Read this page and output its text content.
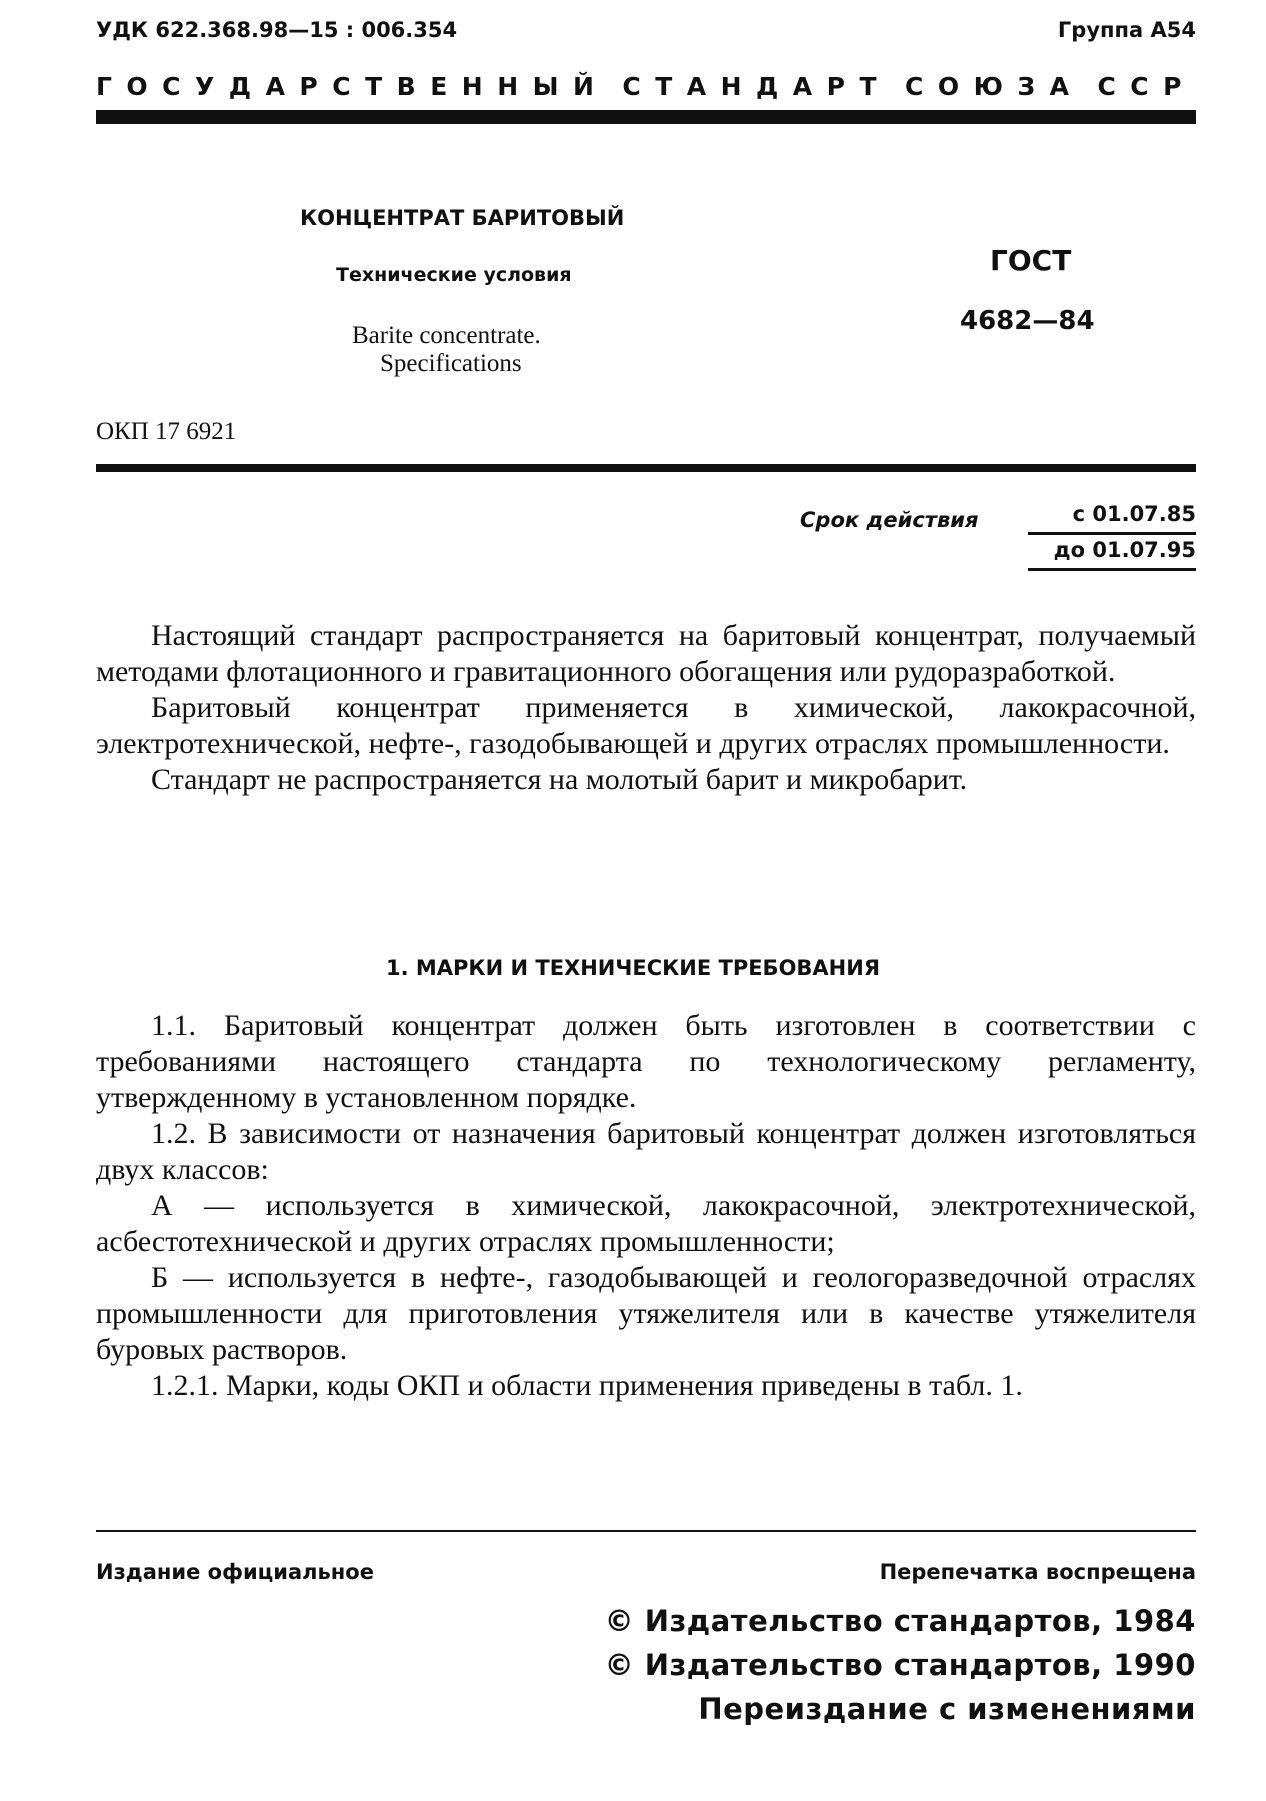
УДК 622.368.98—15 : 006.354	Группа А54
ГОСУДАРСТВЕННЫЙ СТАНДАРТ СОЮЗА ССР
КОНЦЕНТРАТ БАРИТОВЫЙ
Технические условия
Barite concentrate.
Specifications
ГОСТ
4682—84
ОКП 17 6921
Срок действия	с 01.07.85
до 01.07.95

Настоящий стандарт распространяется на баритовый концентрат, получаемый методами флотационного и гравитационного обогащения или рудоразработкой.

Баритовый концентрат применяется в химической, лакокрасочной, электротехнической, нефте-, газодобывающей и других отраслях промышленности.

Стандарт не распространяется на молотый барит и микробарит.

1. МАРКИ И ТЕХНИЧЕСКИЕ ТРЕБОВАНИЯ

1.1. Баритовый концентрат должен быть изготовлен в соответствии с требованиями настоящего стандарта по технологическому регламенту, утвержденному в установленном порядке.

1.2. В зависимости от назначения баритовый концентрат должен изготовляться двух классов:

А — используется в химической, лакокрасочной, электротехнической, асбестотехнической и других отраслях промышленности;

Б — используется в нефте-, газодобывающей и геологоразведочной отраслях промышленности для приготовления утяжелителя или в качестве утяжелителя буровых растворов.

1.2.1. Марки, коды ОКП и области применения приведены в табл. 1.

Издание официальное	Перепечатка воспрещена
© Издательство стандартов, 1984
© Издательство стандартов, 1990
Переиздание с изменениями
